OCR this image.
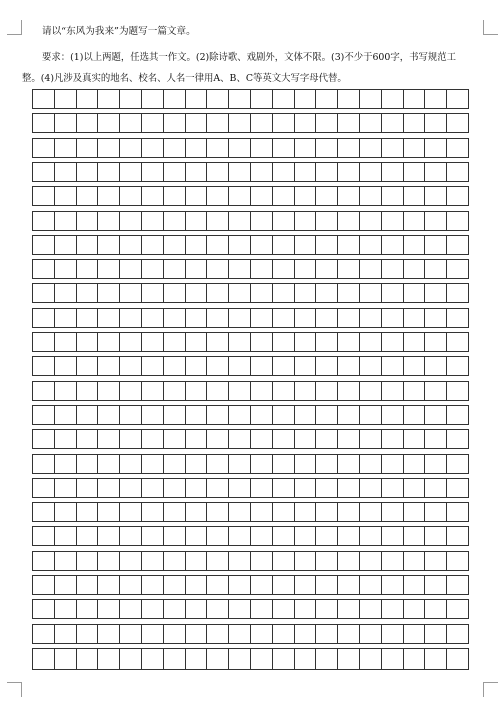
请以“东风为我来”为题写一篇文章。
要求：(1)以上两题，任选其一作文。(2)除诗歌、戏剧外，文体不限。(3)不少于600字，书写规范工
整。(4)凡涉及真实的地名、校名、人名一律用A、B、C等英文大写字母代替。
